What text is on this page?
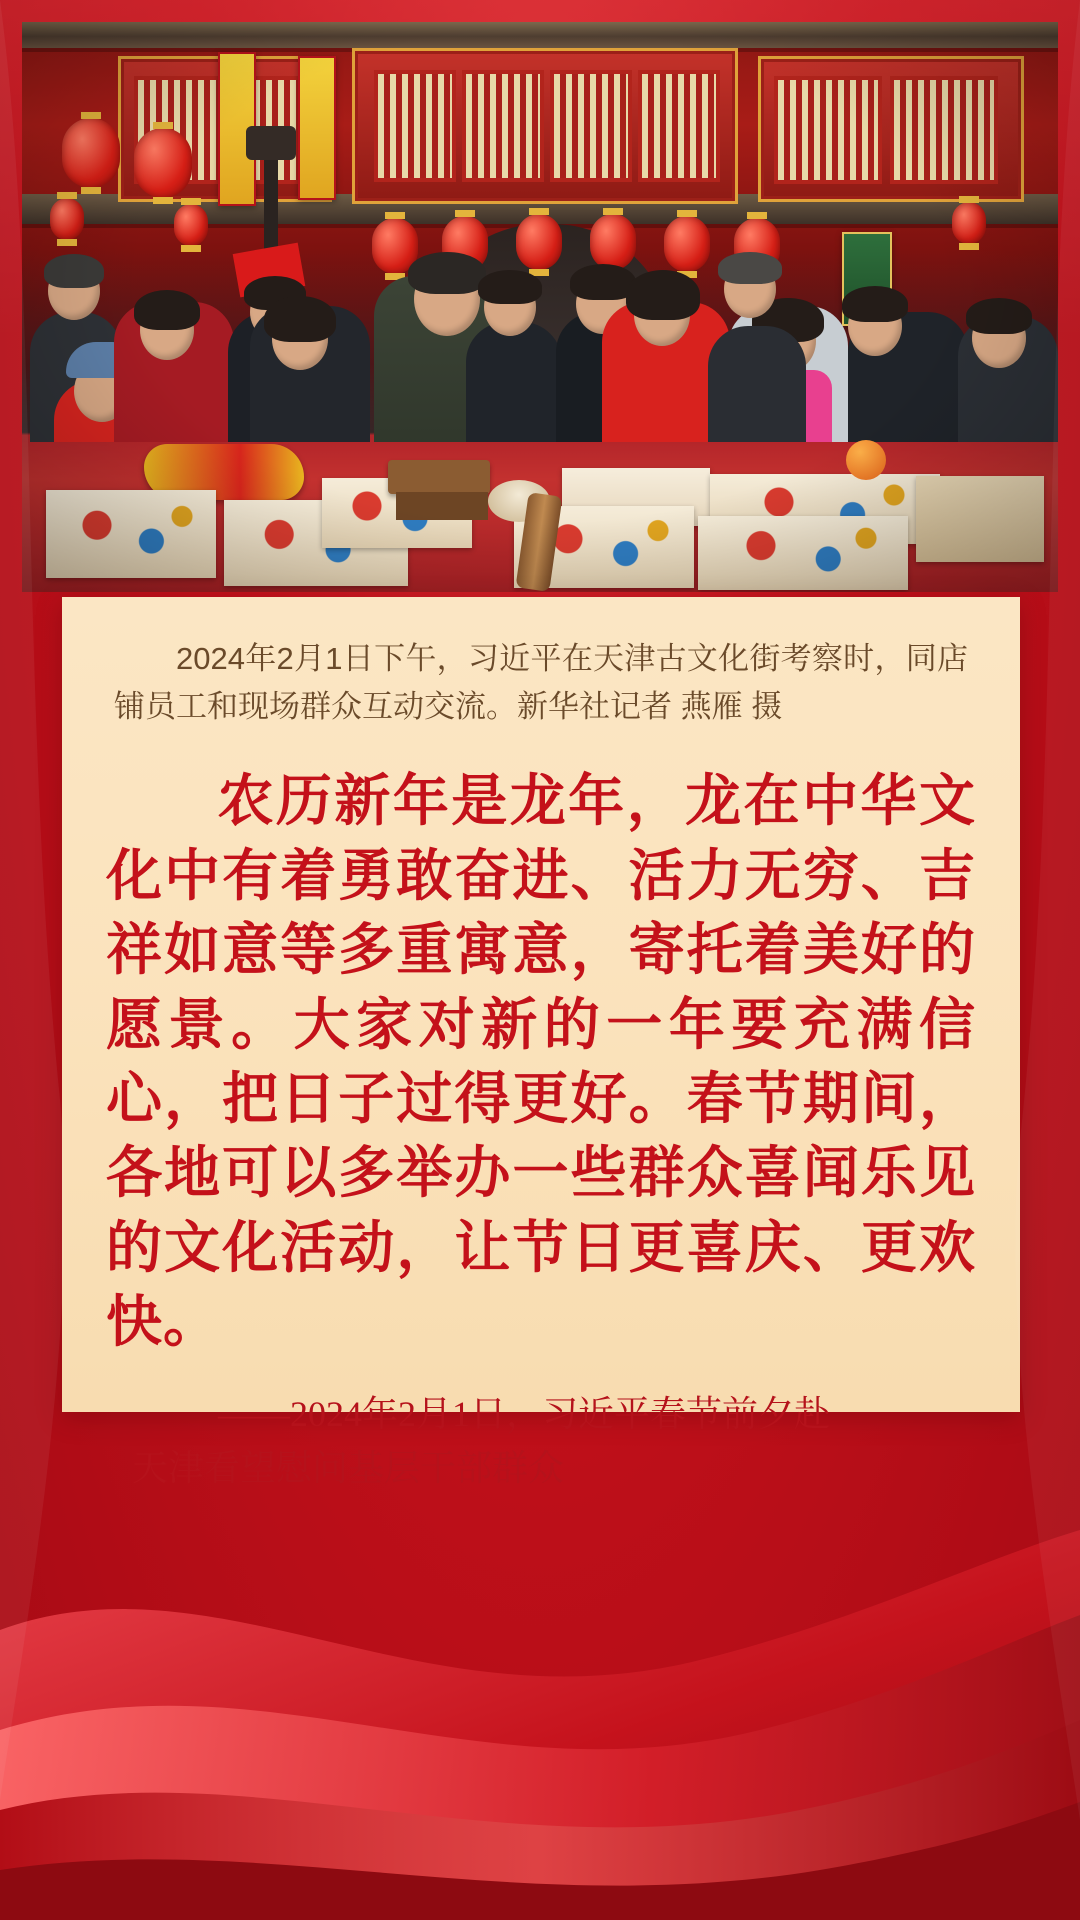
2024年2月1日下午，习近平在天津古文化街考察时，同店铺员工和现场群众互动交流。新华社记者 燕雁 摄
农历新年是龙年，龙在中华文化中有着勇敢奋进、活力无穷、吉祥如意等多重寓意，寄托着美好的愿景。大家对新的一年要充满信心，把日子过得更好。春节期间，各地可以多举办一些群众喜闻乐见的文化活动，让节日更喜庆、更欢快。
——2024年2月1日，习近平春节前夕赴
天津看望慰问基层干部群众
